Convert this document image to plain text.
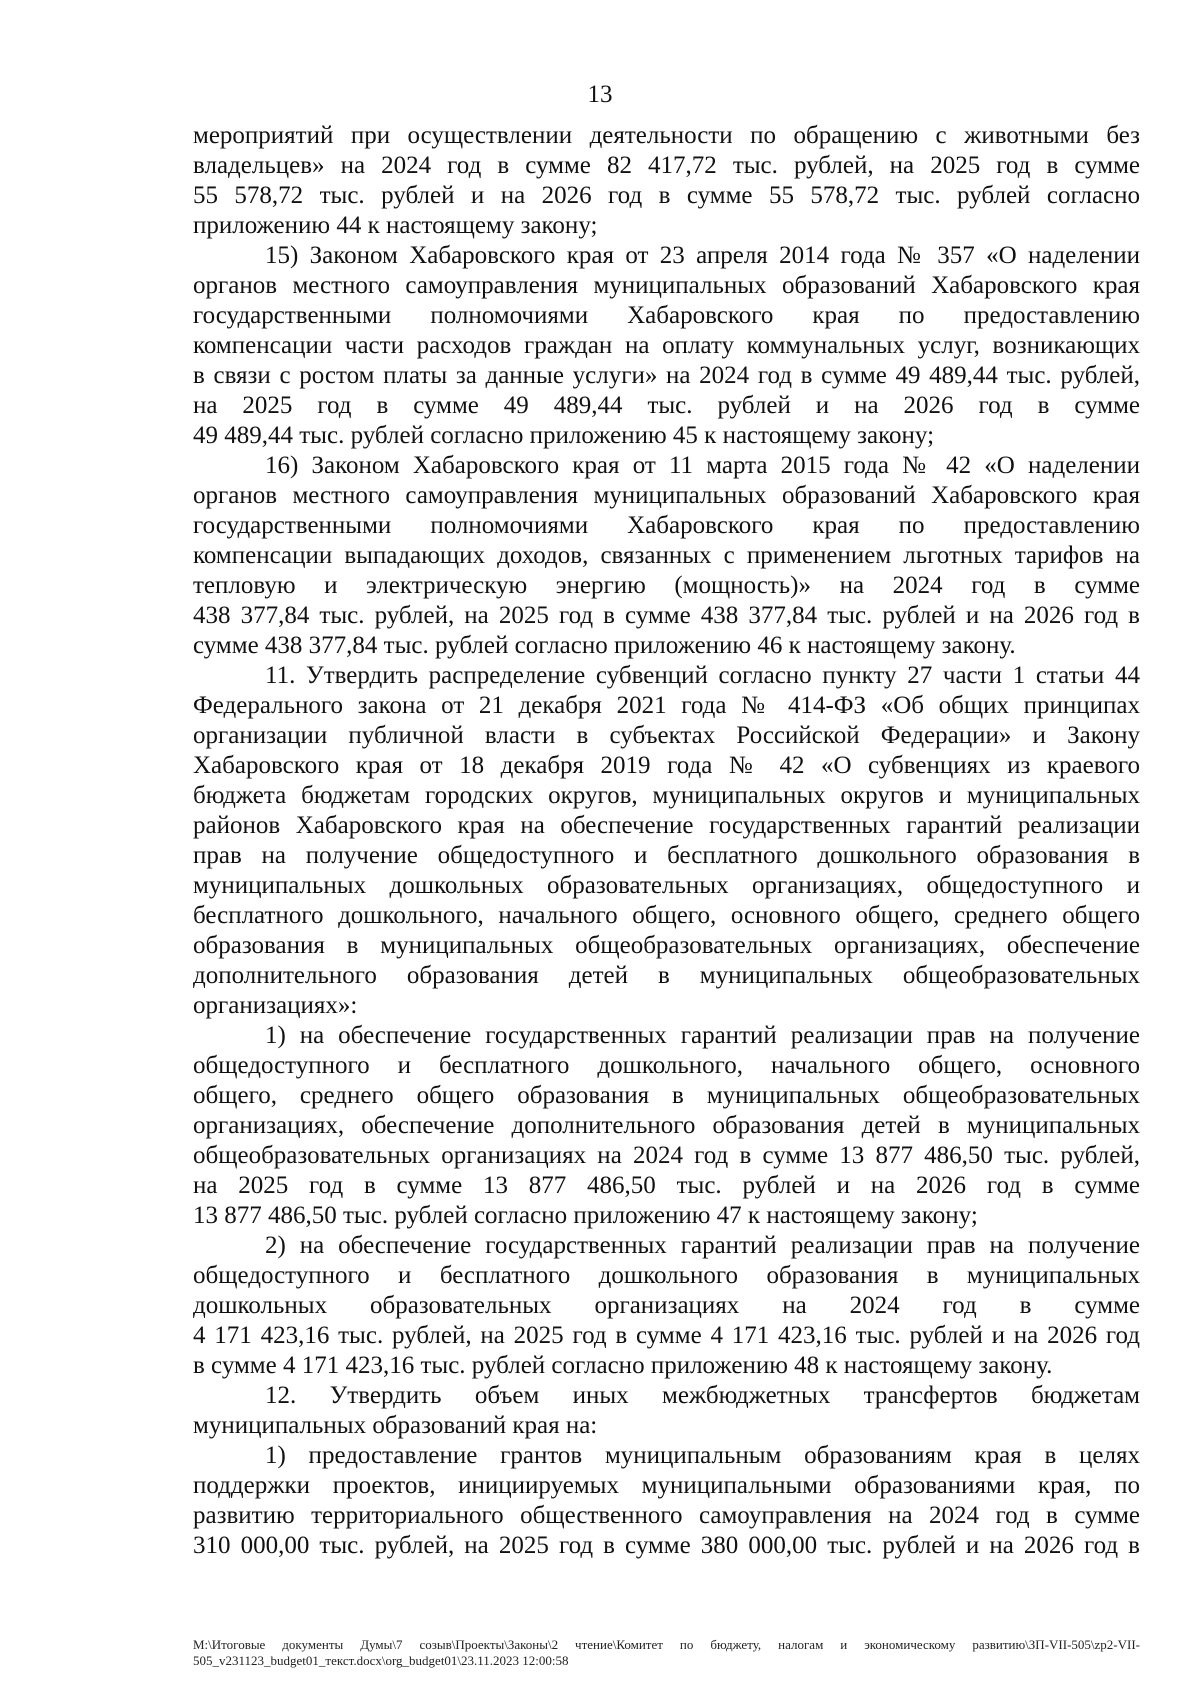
13
мероприятий при осуществлении деятельности по обращению с животными без
владельцев» на 2024 год в сумме 82 417,72 тыс. рублей, на 2025 год в сумме
55 578,72 тыс. рублей и на 2026 год в сумме 55 578,72 тыс. рублей согласно
приложению 44 к настоящему закону;
15) Законом Хабаровского края от 23 апреля 2014 года № 357 «О наделении
органов местного самоуправления муниципальных образований Хабаровского края
государственными полномочиями Хабаровского края по предоставлению
компенсации части расходов граждан на оплату коммунальных услуг, возникающих
в связи с ростом платы за данные услуги» на 2024 год в сумме 49 489,44 тыс. рублей,
на 2025 год в сумме 49 489,44 тыс. рублей и на 2026 год в сумме
49 489,44 тыс. рублей согласно приложению 45 к настоящему закону;
16) Законом Хабаровского края от 11 марта 2015 года № 42 «О наделении
органов местного самоуправления муниципальных образований Хабаровского края
государственными полномочиями Хабаровского края по предоставлению
компенсации выпадающих доходов, связанных с применением льготных тарифов на
тепловую и электрическую энергию (мощность)» на 2024 год в сумме
438 377,84 тыс. рублей, на 2025 год в сумме 438 377,84 тыс. рублей и на 2026 год в
сумме 438 377,84 тыс. рублей согласно приложению 46 к настоящему закону.
11. Утвердить распределение субвенций согласно пункту 27 части 1 статьи 44
Федерального закона от 21 декабря 2021 года № 414-ФЗ «Об общих принципах
организации публичной власти в субъектах Российской Федерации» и Закону
Хабаровского края от 18 декабря 2019 года № 42 «О субвенциях из краевого
бюджета бюджетам городских округов, муниципальных округов и муниципальных
районов Хабаровского края на обеспечение государственных гарантий реализации
прав на получение общедоступного и бесплатного дошкольного образования в
муниципальных дошкольных образовательных организациях, общедоступного и
бесплатного дошкольного, начального общего, основного общего, среднего общего
образования в муниципальных общеобразовательных организациях, обеспечение
дополнительного образования детей в муниципальных общеобразовательных
организациях»:
1) на обеспечение государственных гарантий реализации прав на получение
общедоступного и бесплатного дошкольного, начального общего, основного
общего, среднего общего образования в муниципальных общеобразовательных
организациях, обеспечение дополнительного образования детей в муниципальных
общеобразовательных организациях на 2024 год в сумме 13 877 486,50 тыс. рублей,
на 2025 год в сумме 13 877 486,50 тыс. рублей и на 2026 год в сумме
13 877 486,50 тыс. рублей согласно приложению 47 к настоящему закону;
2) на обеспечение государственных гарантий реализации прав на получение
общедоступного и бесплатного дошкольного образования в муниципальных
дошкольных образовательных организациях на 2024 год в сумме
4 171 423,16 тыс. рублей, на 2025 год в сумме 4 171 423,16 тыс. рублей и на 2026 год
в сумме 4 171 423,16 тыс. рублей согласно приложению 48 к настоящему закону.
12. Утвердить объем иных межбюджетных трансфертов бюджетам
муниципальных образований края на:
1) предоставление грантов муниципальным образованиям края в целях
поддержки проектов, инициируемых муниципальными образованиями края, по
развитию территориального общественного самоуправления на 2024 год в сумме
310 000,00 тыс. рублей, на 2025 год в сумме 380 000,00 тыс. рублей и на 2026 год в
M:\Итоговые документы Думы\7 созыв\Проекты\Законы\2 чтение\Комитет по бюджету, налогам и экономическому развитию\ЗП-VII-505\zp2-VII-
505_v231123_budget01_текст.docx\org_budget01\23.11.2023 12:00:58
